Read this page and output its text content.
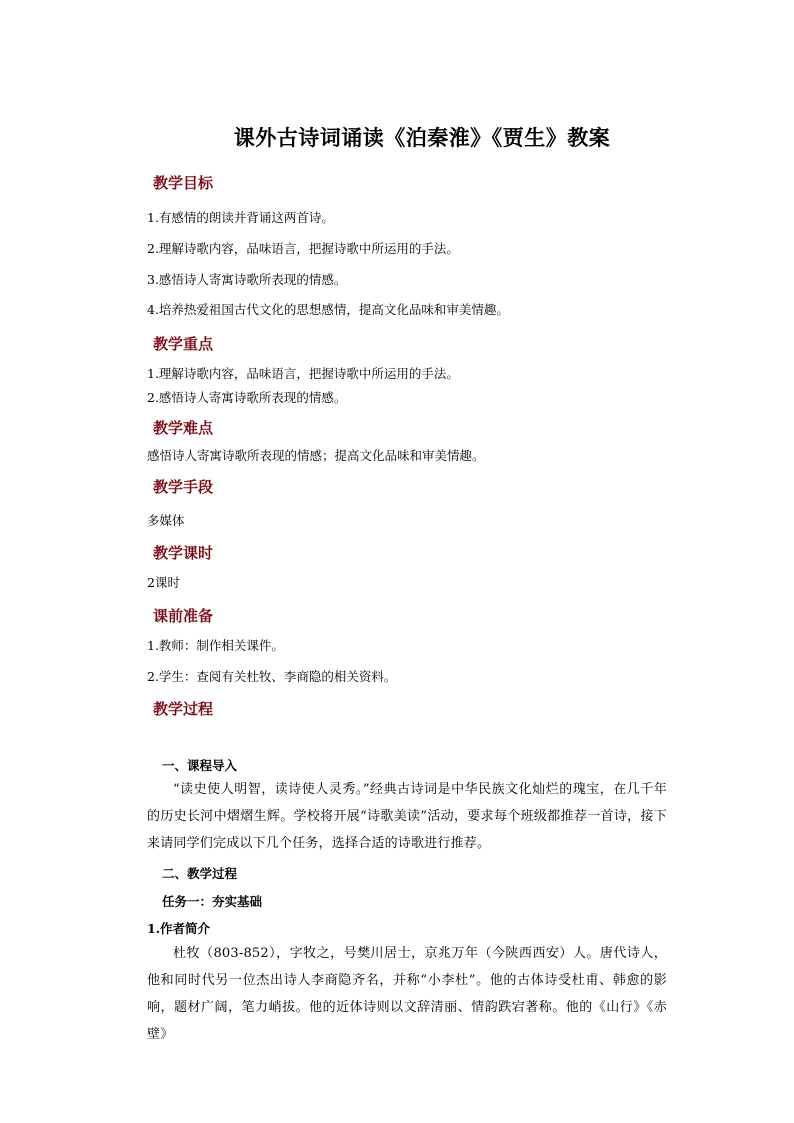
课外古诗词诵读《泊秦淮》《贾生》教案
教学目标
1.有感情的朗读并背诵这两首诗。
2.理解诗歌内容，品味语言，把握诗歌中所运用的手法。
3.感悟诗人寄寓诗歌所表现的情感。
4.培养热爱祖国古代文化的思想感情，提高文化品味和审美情趣。
教学重点
1.理解诗歌内容，品味语言，把握诗歌中所运用的手法。
2.感悟诗人寄寓诗歌所表现的情感。
教学难点
感悟诗人寄寓诗歌所表现的情感；提高文化品味和审美情趣。
教学手段
多媒体
教学课时
2课时
课前准备
1.教师：制作相关课件。
2.学生：查阅有关杜牧、李商隐的相关资料。
教学过程
一、课程导入
“读史使人明智，读诗使人灵秀。”经典古诗词是中华民族文化灿烂的瑰宝，在几千年的历史长河中熠熠生辉。学校将开展“诗歌美读”活动，要求每个班级都推荐一首诗，接下来请同学们完成以下几个任务，选择合适的诗歌进行推荐。
二、教学过程
任务一：夯实基础
1.作者简介
杜牧（803-852），字牧之，号樊川居士，京兆万年（今陕西西安）人。唐代诗人，他和同时代另一位杰出诗人李商隐齐名，并称“小李杜”。他的古体诗受杜甫、韩愈的影响，题材广阔，笔力峭拔。他的近体诗则以文辞清丽、情韵跌宕著称。他的《山行》《赤壁》
